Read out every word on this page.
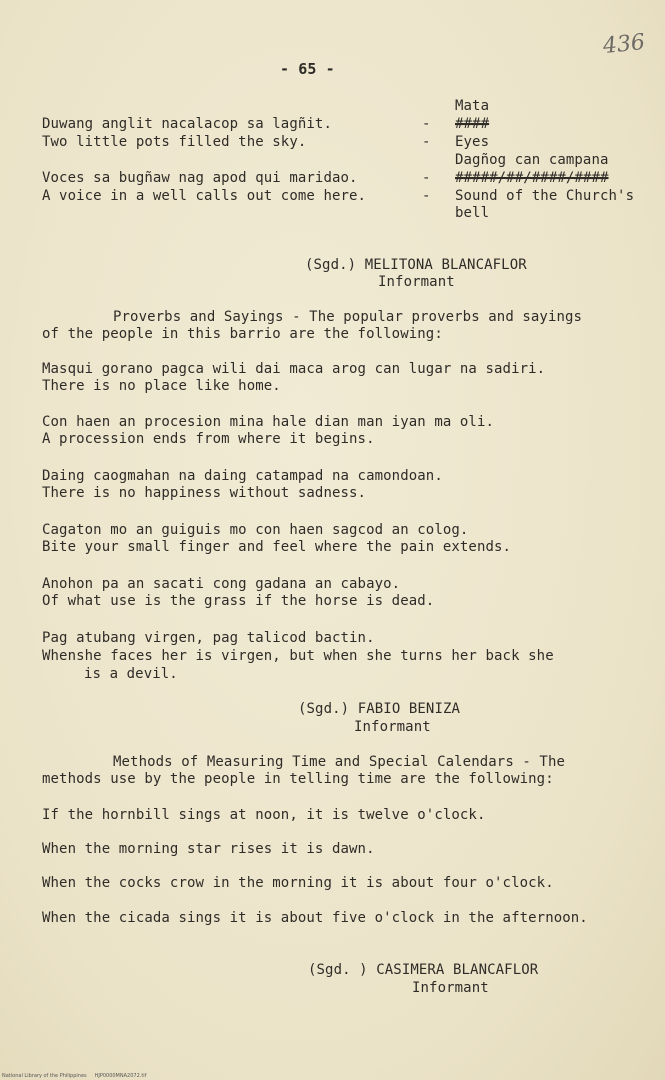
436
- 65 -
Mata
Duwang anglit nacalacop sa lagñit.	- ####
Two little pots filled the sky.	- Eyes
Dagñog can campana
Voces sa bugñaw nag apod qui maridao.	- #####/##/####/####
A voice in a well calls out come here.	- Sound of the Church's
bell
(Sgd.) MELITONA BLANCAFLOR
Informant
Proverbs and Sayings - The popular proverbs and sayings
of the people in this barrio are the following:
Masqui gorano pagca wili dai maca arog can lugar na sadiri.
There is no place like home.
Con haen an procesion mina hale dian man iyan ma oli.
A procession ends from where it begins.
Daing caogmahan na daing catampad na camondoan.
There is no happiness without sadness.
Cagaton mo an guiguis mo con haen sagcod an colog.
Bite your small finger and feel where the pain extends.
Anohon pa an sacati cong gadana an cabayo.
Of what use is the grass if the horse is dead.
Pag atubang virgen, pag talicod bactin.
Whenshe faces her is virgen, but when she turns her back she
is a devil.
(Sgd.) FABIO BENIZA
Informant
Methods of Measuring Time and Special Calendars - The
methods use by the people in telling time are the following:
If the hornbill sings at noon, it is twelve o'clock.
When the morning star rises it is dawn.
When the cocks crow in the morning it is about four o'clock.
When the cicada sings it is about five o'clock in the afternoon.
(Sgd. ) CASIMERA BLANCAFLOR
Informant
National Library of the Philippines     HJP0000MNA2072.tif
